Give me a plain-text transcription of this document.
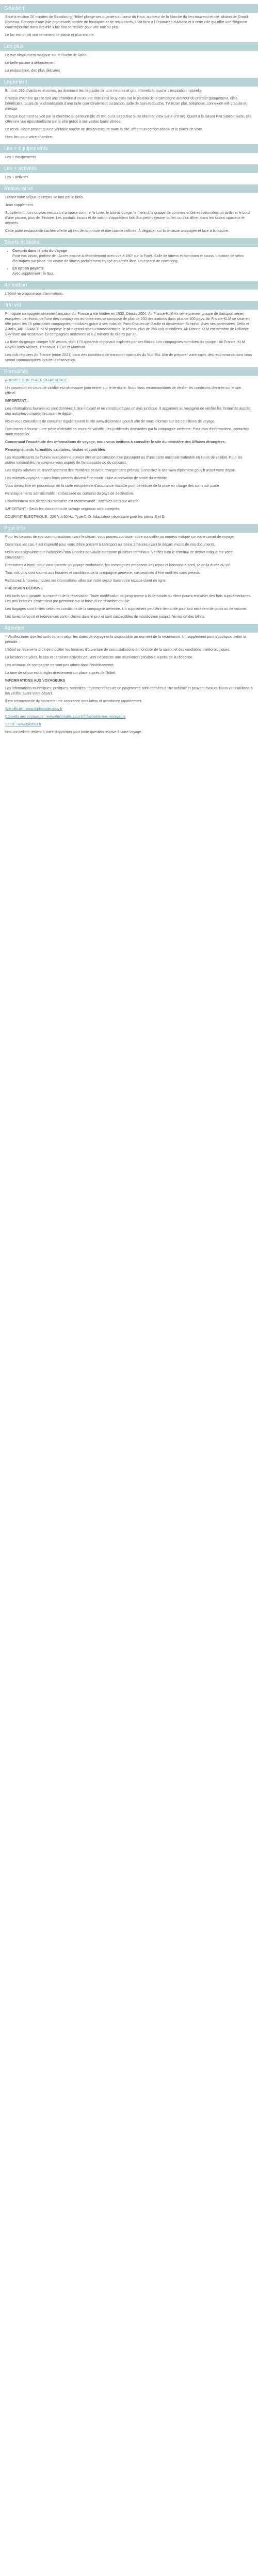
Situation

Situé à environ 20 minutes de Strasbourg, l'hôtel plonge ses quartiers au cœur du Haut, au cœur de la Marche du lieu-nouveau et cité, district de Grand-Rotheau. Concept d'une jolie promenade bordée de boutiques et de restaurants, il fait face à l'Ecomusée d'Alsace et à cette ville qui offre une élégance contemporaine dans laquelle il fait bon se relaxer pour une nuit ou plus.

Le lac est un joli vrai sentiment de plaisir et plus encore.

Les plus

Le vue absolument magique sur le Ruche de Dabo.

Le belle piscine à débordement

La restauration, des plus délicates

Logement

En tout, 286 chambres et suites, au dominant les dégradés de tons neutres et gris, n'omets la touche d'inspiration naturelle.

Chaque chambre qu'elle soit une chambre d'un ou une trois ainsi lieuy-elles sur le plateau de la campagne alentour du premier groupement, elles bénéficient toutes de la climatisation d'une taille coin idéalement ou balcon, salle de bain et douche, TV écran plat, téléphone, connexion wifi gratuite et minibar.

Chaque logement se voit par la chambre Supérieure (de 25 m²) ou la Executive Suite Mariner View Suite (70 m²). Quant à la Savoir Fair Station Suite, elle offre une vue époustouflante sur la ville grâce à ses vastes baies vitrées.

Le rendu laisse penser qu'une véritable touche de design entoure toute la cité, offrant un confort absolu et le plaisir de vivre.

Hors lieu pour votre chambre.

Les + équipements

Les + équipements

Les + activités

Les + activités

Restauration

Durant votre séjour, les repas se font par le biais.

Jean supplément.

Supplément : Le nouveau restaurant propose comme, le Livre, le bistrot lounge, le menu à la grappe de pommes et bières nationales, un jardin et le bord d'une piscine, plus de l'histoire. Les produits locaux et de saison s'apprécient lors d'un petit-déjeuner buffet, ou d'un dîner, dans les salons spacieux et décorés.

Cette autre restauration cachée offerte au lieu de nourriture et une cuisine raffinée. À déguster sur la terrasse ombragée et face à la piscine.

Sports et loisirs
• Compris dans le prix du voyage
Pour vos loisirs, profitez de : Accès piscine à débordement avec vue à 180° sur la Forêt. Salle de fitness et hammam et sauna. Location de vélos électriques sur place. Un centre de fitness parfaitement équipé en accès libre. Un espace de coworking.
• En option payante
Avec supplément : le Spa.
Animation

L'hôtel ne propose pas d'animations.

Info vol

Principale compagnie aérienne française, Air France a été fondée en 1933. Depuis 2004, Air France-KLM forme le premier groupe de transport aérien européen. Le réseau de l'une des compagnies européennes se compose de plus de 200 destinations dans plus de 100 pays. Air France-KLM se situe en tête parmi les 15 principales compagnies mondiales grâce à ses hubs de Paris-Charles de Gaulle et Amsterdam-Schiphol. Avec ses partenaires, Delta et Alitalia, AIR FRANCE KLM propose le plus grand réseau transatlantique, le réseau plus de 250 vols quotidiens. Air France-KLM est membre de l'alliance SkyTeam qui rassemble 19 compagnies aériennes et 6,2 millions de clients par an.

La flotte du groupe compte 536 avions, dont 173 appareils régionaux exploités par ses filiales. Les compagnies membres du groupe : Air France, KLM Royal Dutch Airlines, Transavia, HOP! et Martinair.

Les vols réguliers Air France (entre 2021) dans des conditions de transport optimales du Sud-Est. Afin de préparer votre trajet, des recommandations vous seront communiquées lors de la réservation.

Formalités

ARRIVÉE SUR PLACE OU ABSENCE

Un passeport en cours de validité est nécessaire pour entrer sur le territoire. Nous vous recommandons de vérifier les conditions d'entrée sur le site officiel.

IMPORTANT :

Les informations fournies ici sont données à titre indicatif et ne constituent pas un avis juridique. Il appartient au voyageur de vérifier les formalités auprès des autorités compétentes avant le départ.

Nous vous conseillons de consulter régulièrement le site www.diplomatie.gouv.fr afin de vous informer sur les conditions de voyage.

Documents à fournir : une pièce d'identité en cours de validité ; les justificatifs demandés par la compagnie aérienne. Pour plus d'informations, contactez votre conseiller.

Concernant l'exactitude des informations de voyage, nous vous invitons à consulter le site du ministère des Affaires étrangères.

Renseignements formalités sanitaires, visites et contrôles

Les ressortissants de l'Union européenne doivent être en possession d'un passeport ou d'une carte nationale d'identité en cours de validité. Pour les autres nationalités, renseignez-vous auprès de l'ambassade ou du consulat.

Les règles relatives au franchissement des frontières peuvent changer sans préavis. Consultez le site www.diplomatie.gouv.fr avant votre départ.

Les mineurs voyageant sans leurs parents doivent être munis d'une autorisation de sortie du territoire.

Vous devez être en possession de la carte européenne d'assurance maladie pour bénéficier de la prise en charge des soins sur place.

Renseignements administratifs : ambassade ou consulat du pays de destination.

L'abonnement aux alertes du ministère est recommandé : inscrivez-vous sur Ariane.

IMPORTANT : Seuls les documents de voyage originaux sont acceptés.

COURANT ÉLECTRIQUE : 220 V à 50 Hz. Type C, D. Adaptateur nécessaire pour les prises E et G.

Pour info

Pour les besoins de vos communications avant le départ, vous pouvez contacter votre conseiller au numéro indiqué sur votre carnet de voyage.

Dans tous les cas, il est impératif pour vous d'être présent à l'aéroport au moins 2 heures avant le départ, munis de vos documents.

Nous vous signalons que l'aéroport Paris-Charles de Gaulle comporte plusieurs terminaux. Vérifiez bien le terminal de départ indiqué sur votre convocation.

Prestations à bord : pour vous garantir un voyage confortable, les compagnies proposent des repas et boissons à bord, selon la durée du vol.

Tous nos vols sont soumis aux horaires et conditions de la compagnie aérienne, susceptibles d'être modifiés sans préavis.

Retrouvez à nouveau toutes les informations utiles sur votre séjour dans votre espace client en ligne.

PRÉCISION DÉCISIVE

Les tarifs sont garantis au moment de la réservation. Toute modification du programme à la demande du client pourra entraîner des frais supplémentaires. Les prix indiqués s'entendent par personne sur la base d'une chambre double.

Les bagages sont limités selon les conditions de la compagnie aérienne. Un supplément peut être demandé pour tout excédent de poids ou de volume.

Les taxes aéroport et redevances sont incluses dans le prix et sont susceptibles de modification jusqu'à l'émission des billets.

Attention

* Veuillez noter que les tarifs varient selon les dates de voyage et la disponibilité au moment de la réservation. Un supplément peut s'appliquer selon la période.

L'hôtel se réserve le droit de modifier les horaires d'ouverture de ses installations en fonction de la saison et des conditions météorologiques.

La location de vélos, le spa et certaines activités peuvent nécessiter une réservation préalable auprès de la réception.

Les animaux de compagnie ne sont pas admis dans l'établissement.

La taxe de séjour est à régler directement sur place auprès de l'hôtel.

INFORMATIONS AUX VOYAGEURS

Les informations touristiques, pratiques, sanitaires, réglementaires de ce programme sont données à titre indicatif et peuvent évoluer. Nous vous invitons à les vérifier avant votre départ.

Il est recommandé de souscrire une assurance annulation et assistance rapatriement.

Site officiel : www.diplomatie.gouv.fr

Conseils aux voyageurs : www.diplomatie.gouv.fr/fr/conseils-aux-voyageurs

Santé : www.pasteur.fr

Nos conseillers restent à votre disposition pour toute question relative à votre voyage.
